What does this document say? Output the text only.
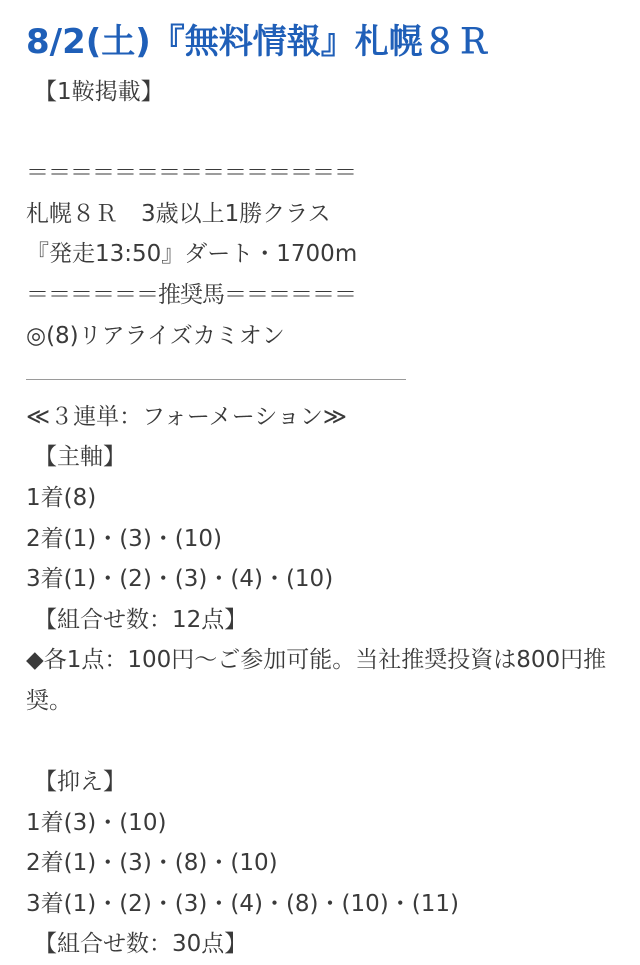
8/2(土)『無料情報』札幌８Ｒ
【1鞍掲載】
＝＝＝＝＝＝＝＝＝＝＝＝＝＝＝
札幌８Ｒ　3歳以上1勝クラス
『発走13:50』ダート・1700m
＝＝＝＝＝＝推奨馬＝＝＝＝＝＝
◎(8)リアライズカミオン
≪３連単：フォーメーション≫
【主軸】
1着(8)
2着(1)・(3)・(10)
3着(1)・(2)・(3)・(4)・(10)
【組合せ数：12点】
◆各1点：100円〜ご参加可能。当社推奨投資は800円推奨。
【抑え】
1着(3)・(10)
2着(1)・(3)・(8)・(10)
3着(1)・(2)・(3)・(4)・(8)・(10)・(11)
【組合せ数：30点】
